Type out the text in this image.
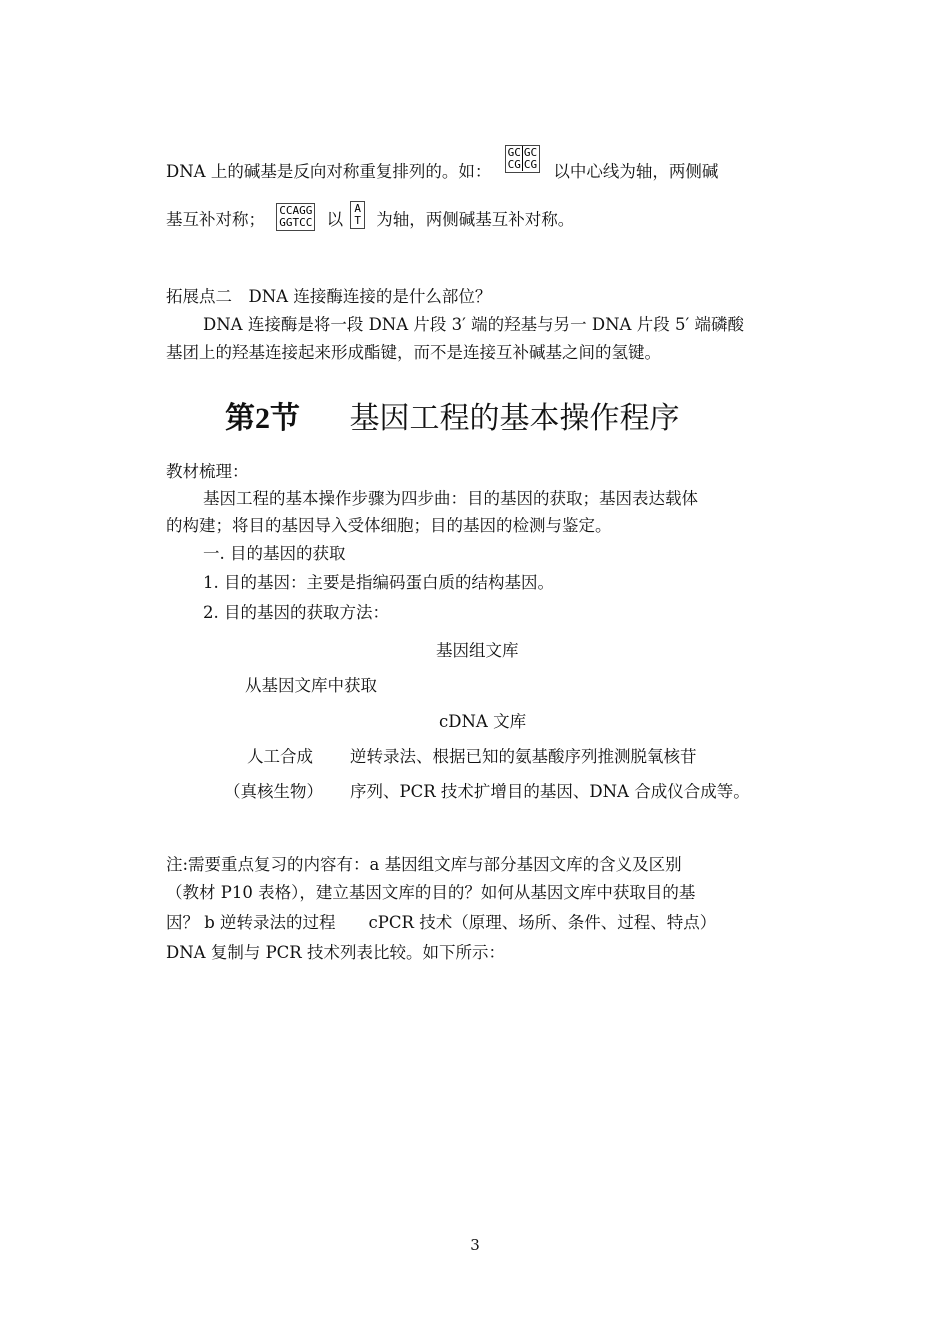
DNA 上的碱基是反向对称重复排列的。如：
GC GC
CG CG 以中心线为轴，两侧碱
基互补对称； CCAGG
GGTCC 以
A
T 为轴，两侧碱基互补对称。
拓展点二　DNA 连接酶连接的是什么部位？
DNA 连接酶是将一段 DNA 片段 3′ 端的羟基与另一 DNA 片段 5′ 端磷酸
基团上的羟基连接起来形成酯键，而不是连接互补碱基之间的氢键。
第2节 基因工程的基本操作程序
教材梳理：
基因工程的基本操作步骤为四步曲：目的基因的获取；基因表达载体
的构建；将目的基因导入受体细胞；目的基因的检测与鉴定。
一. 目的基因的获取
1. 目的基因：主要是指编码蛋白质的结构基因。
2. 目的基因的获取方法：
基因组文库
从基因文库中获取
cDNA 文库
人工合成 逆转录法、根据已知的氨基酸序列推测脱氧核苷
（真核生物） 序列、PCR 技术扩增目的基因、DNA 合成仪合成等。
注:需要重点复习的内容有：a 基因组文库与部分基因文库的含义及区别
（教材 P10 表格），建立基因文库的目的？如何从基因文库中获取目的基
因？ b 逆转录法的过程　　cPCR 技术（原理、场所、条件、过程、特点）
DNA 复制与 PCR 技术列表比较。如下所示：
3
